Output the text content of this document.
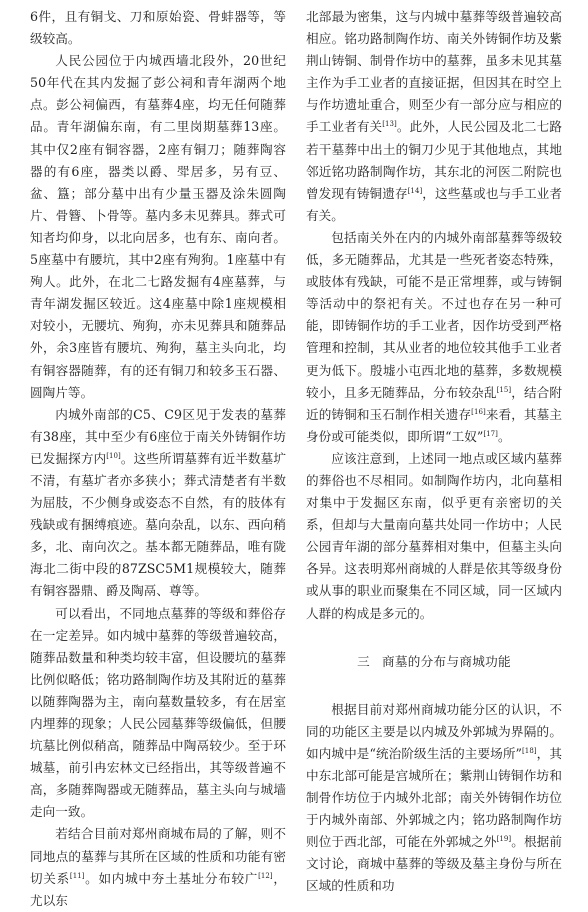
6件，且有铜戈、刀和原始瓷、骨蚌器等，等级较高。

人民公园位于内城西墙北段外，20世纪50年代在其内发掘了彭公祠和青年湖两个地点。彭公祠偏西，有墓葬4座，均无任何随葬品。青年湖偏东南，有二里岗期墓葬13座。其中仅2座有铜容器，2座有铜刀；随葬陶容器的有6座，器类以爵、斝居多，另有豆、盆、簋；部分墓中出有少量玉器及涂朱圆陶片、骨簪、卜骨等。墓内多未见葬具。葬式可知者均仰身，以北向居多，也有东、南向者。5座墓中有腰坑，其中2座有殉狗。1座墓中有殉人。此外，在北二七路发掘有4座墓葬，与青年湖发掘区较近。这4座墓中除1座规模相对较小，无腰坑、殉狗，亦未见葬具和随葬品外，余3座皆有腰坑、殉狗，墓主头向北，均有铜容器随葬，有的还有铜刀和较多玉石器、圆陶片等。

内城外南部的C5、C9区见于发表的墓葬有38座，其中至少有6座位于南关外铸铜作坊已发掘探方内[10]。这些所谓墓葬有近半数墓圹不清，有墓圹者亦多狭小；葬式清楚者有半数为屈肢，不少侧身或姿态不自然，有的肢体有残缺或有捆缚痕迹。墓向杂乱，以东、西向稍多，北、南向次之。基本都无随葬品，唯有陇海北二街中段的87ZSC5M1规模较大，随葬有铜容器鼎、爵及陶鬲、尊等。

可以看出，不同地点墓葬的等级和葬俗存在一定差异。如内城中墓葬的等级普遍较高，随葬品数量和种类均较丰富，但设腰坑的墓葬比例似略低；铭功路制陶作坊及其附近的墓葬以随葬陶器为主，南向墓数量较多，有在居室内埋葬的现象；人民公园墓葬等级偏低，但腰坑墓比例似稍高，随葬品中陶鬲较少。至于环城墓，前引冉宏林文已经指出，其等级普遍不高，多随葬陶器或无随葬品，墓主头向与城墙走向一致。

若结合目前对郑州商城布局的了解，则不同地点的墓葬与其所在区域的性质和功能有密切关系[11]。如内城中夯土基址分布较广[12]，尤以东

北部最为密集，这与内城中墓葬等级普遍较高相应。铭功路制陶作坊、南关外铸铜作坊及紫荆山铸铜、制骨作坊中的墓葬，虽多未见其墓主作为手工业者的直接证据，但因其在时空上与作坊遗址重合，则至少有一部分应与相应的手工业者有关[13]。此外，人民公园及北二七路若干墓葬中出土的铜刀少见于其他地点，其地邻近铭功路制陶作坊，其东北的河医二附院也曾发现有铸铜遗存[14]，这些墓或也与手工业者有关。

包括南关外在内的内城外南部墓葬等级较低，多无随葬品，尤其是一些死者姿态特殊，或肢体有残缺，可能不是正常埋葬，或与铸铜等活动中的祭祀有关。不过也存在另一种可能，即铸铜作坊的手工业者，因作坊受到严格管理和控制，其从业者的地位较其他手工业者更为低下。殷墟小屯西北地的墓葬，多数规模较小，且多无随葬品，分布较杂乱[15]，结合附近的铸铜和玉石制作相关遗存[16]来看，其墓主身份或可能类似，即所谓“工奴”[17]。

应该注意到，上述同一地点或区域内墓葬的葬俗也不尽相同。如制陶作坊内，北向墓相对集中于发掘区东南，似乎更有亲密切的关系，但却与大量南向墓共处同一作坊中；人民公园青年湖的部分墓葬相对集中，但墓主头向各异。这表明郑州商城的人群是依其等级身份或从事的职业而聚集在不同区域，同一区域内人群的构成是多元的。

三 商墓的分布与商城功能

根据目前对郑州商城功能分区的认识，不同的功能区主要是以内城及外郭城为界隔的。如内城中是“统治阶级生活的主要场所”[18]，其中东北部可能是宫城所在；紫荆山铸铜作坊和制骨作坊位于内城外北部；南关外铸铜作坊位于内城外南部、外郭城之内；铭功路制陶作坊则位于西北部，可能在外郭城之外[19]。根据前文讨论，商城中墓葬的等级及墓主身份与所在区域的性质和功
